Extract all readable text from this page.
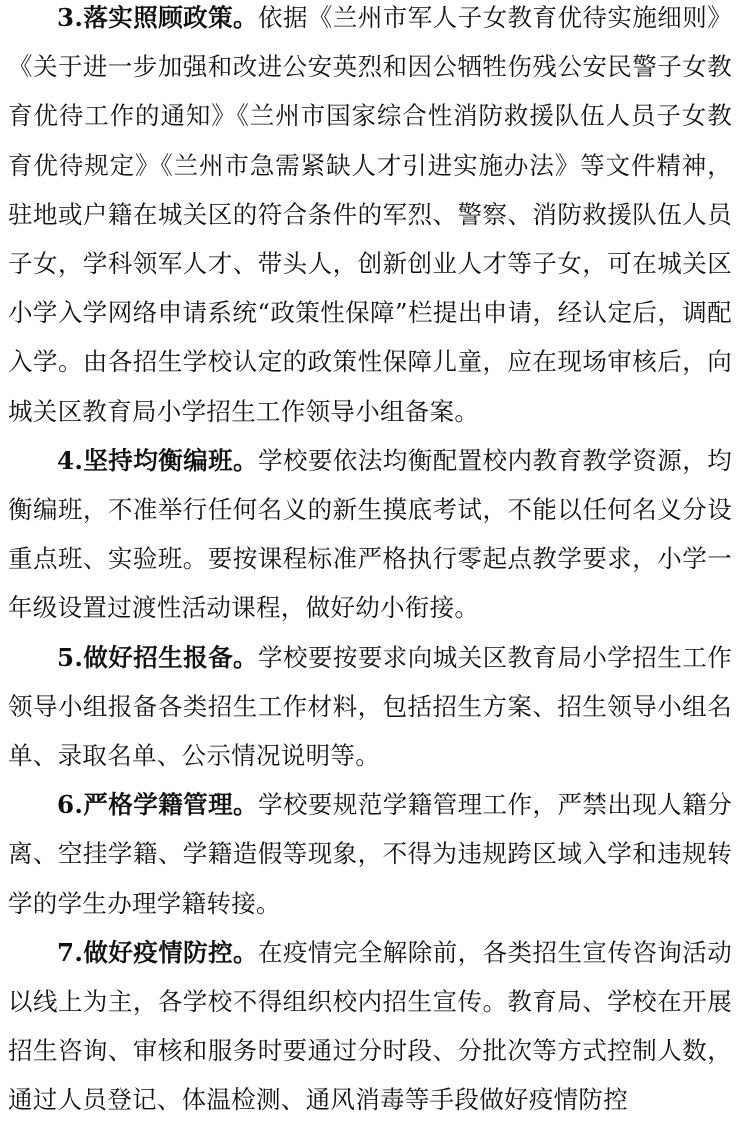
3.落实照顾政策。依据《兰州市军人子女教育优待实施细则》《关于进一步加强和改进公安英烈和因公牺牲伤残公安民警子女教育优待工作的通知》《兰州市国家综合性消防救援队伍人员子女教育优待规定》《兰州市急需紧缺人才引进实施办法》等文件精神，驻地或户籍在城关区的符合条件的军烈、警察、消防救援队伍人员子女，学科领军人才、带头人，创新创业人才等子女，可在城关区小学入学网络申请系统“政策性保障”栏提出申请，经认定后，调配入学。由各招生学校认定的政策性保障儿童，应在现场审核后，向城关区教育局小学招生工作领导小组备案。

4.坚持均衡编班。学校要依法均衡配置校内教育教学资源，均衡编班，不准举行任何名义的新生摸底考试，不能以任何名义分设重点班、实验班。要按课程标准严格执行零起点教学要求，小学一年级设置过渡性活动课程，做好幼小衔接。

5.做好招生报备。学校要按要求向城关区教育局小学招生工作领导小组报备各类招生工作材料，包括招生方案、招生领导小组名单、录取名单、公示情况说明等。

6.严格学籍管理。学校要规范学籍管理工作，严禁出现人籍分离、空挂学籍、学籍造假等现象，不得为违规跨区域入学和违规转学的学生办理学籍转接。

7.做好疫情防控。在疫情完全解除前，各类招生宣传咨询活动以线上为主，各学校不得组织校内招生宣传。教育局、学校在开展招生咨询、审核和服务时要通过分时段、分批次等方式控制人数，通过人员登记、体温检测、通风消毒等手段做好疫情防控
